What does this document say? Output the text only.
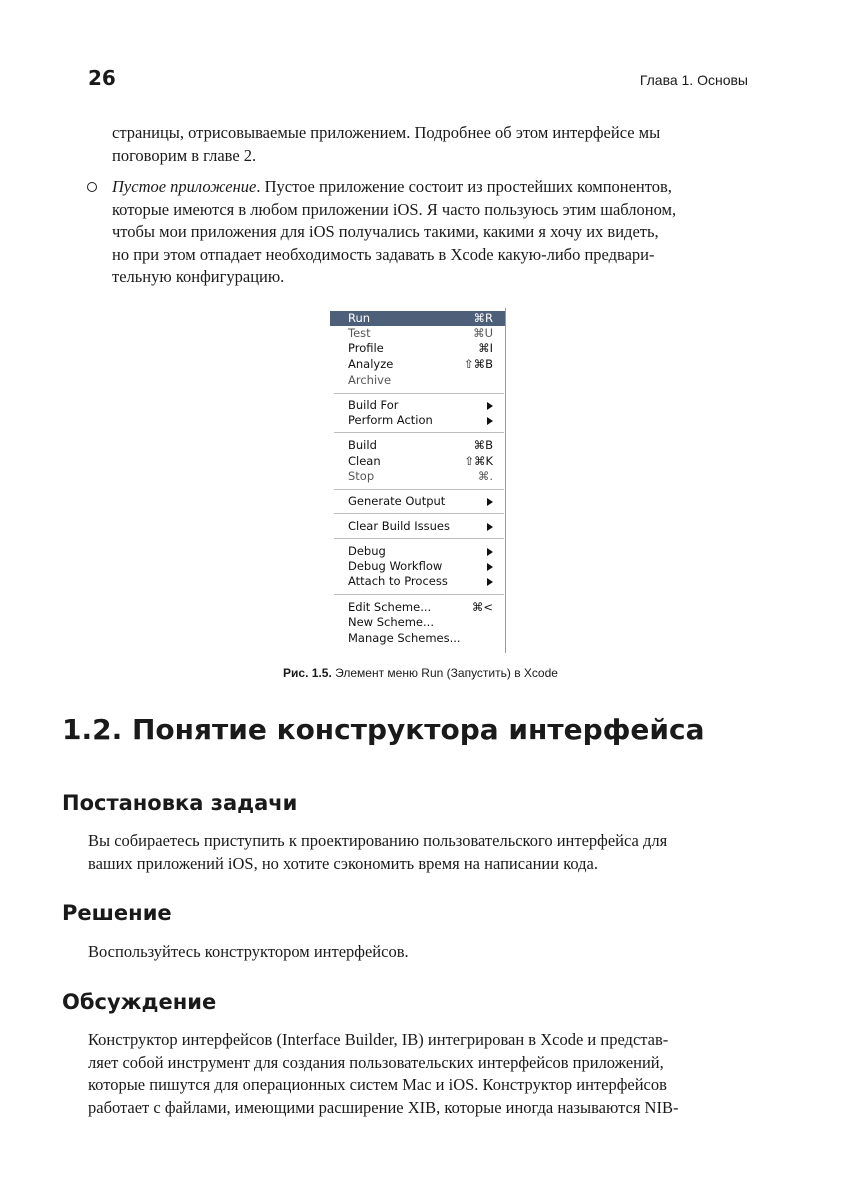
26	Глава 1. Основы
страницы, отрисовываемые приложением. Подробнее об этом интерфейсе мы
поговорим в главе 2.
Пустое приложение. Пустое приложение состоит из простейших компонентов,
которые имеются в любом приложении iOS. Я часто пользуюсь этим шаблоном,
чтобы мои приложения для iOS получались такими, какими я хочу их видеть,
но при этом отпадает необходимость задавать в Xcode какую-либо предвари-
тельную конфигурацию.
Run	⌘R
Test	⌘U
Profile	⌘I
Analyze	⇧⌘B
Archive
Build For
Perform Action
Build	⌘B
Clean	⇧⌘K
Stop	⌘.
Generate Output
Clear Build Issues
Debug
Debug Workflow
Attach to Process
Edit Scheme...	⌘<
New Scheme...
Manage Schemes...
Рис. 1.5. Элемент меню Run (Запустить) в Xcode
1.2. Понятие конструктора интерфейса
Постановка задачи
Вы собираетесь приступить к проектированию пользовательского интерфейса для
ваших приложений iOS, но хотите сэкономить время на написании кода.
Решение
Воспользуйтесь конструктором интерфейсов.
Обсуждение
Конструктор интерфейсов (Interface Builder, IB) интегрирован в Xcode и представ-
ляет собой инструмент для создания пользовательских интерфейсов приложений,
которые пишутся для операционных систем Mac и iOS. Конструктор интерфейсов
работает с файлами, имеющими расширение XIB, которые иногда называются NIB-
